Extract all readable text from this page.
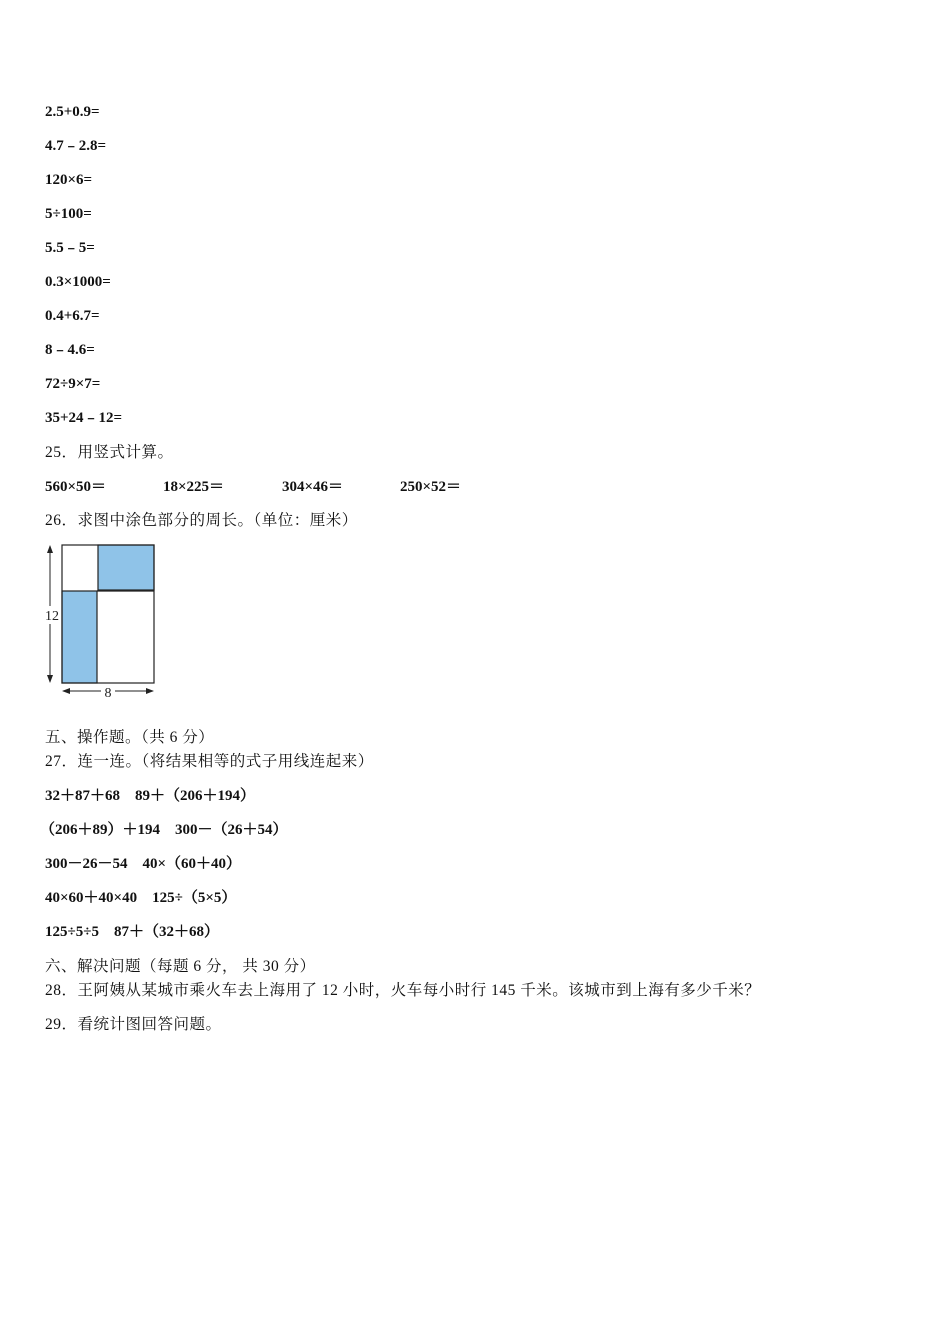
2.5+0.9=
4.7﹣2.8=
120×6=
5÷100=
5.5﹣5=
0.3×1000=
0.4+6.7=
8﹣4.6=
72÷9×7=
35+24﹣12=
25．用竖式计算。
560×50＝	18×225＝	304×46＝	250×52＝
26．求图中涂色部分的周长。（单位：厘米）
12
8
五、操作题。（共 6 分）
27．连一连。（将结果相等的式子用线连起来）
32＋87＋68　89＋（206＋194）
（206＋89）＋194　300－（26＋54）
300－26－54　40×（60＋40）
40×60＋40×40　125÷（5×5）
125÷5÷5　87＋（32＋68）
六、解决问题（每题 6 分， 共 30 分）
28．王阿姨从某城市乘火车去上海用了 12 小时，火车每小时行 145 千米。该城市到上海有多少千米？
29．看统计图回答问题。
